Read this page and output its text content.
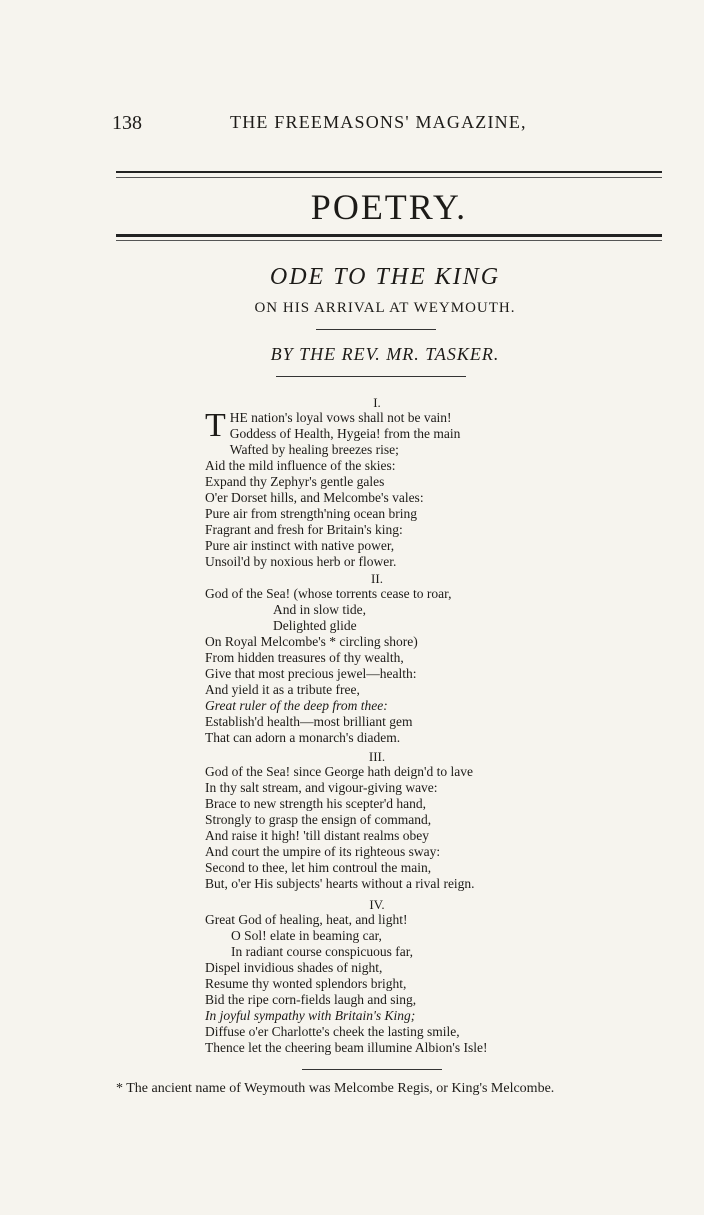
138	THE FREEMASONS' MAGAZINE,
POETRY.
ODE TO THE KING
ON HIS ARRIVAL AT WEYMOUTH.
BY THE REV. MR. TASKER.
I.
T HE nation's loyal vows shall not be vain!
Goddess of Health, Hygeia! from the main
Wafted by healing breezes rise;
Aid the mild influence of the skies:
Expand thy Zephyr's gentle gales
O'er Dorset hills, and Melcombe's vales:
Pure air from strength'ning ocean bring
Fragrant and fresh for Britain's king:
Pure air instinct with native power,
Unsoil'd by noxious herb or flower.
II.
God of the Sea! (whose torrents cease to roar,
And in slow tide,
Delighted glide
On Royal Melcombe's * circling shore)
From hidden treasures of thy wealth,
Give that most precious jewel—health:
And yield it as a tribute free,
Great ruler of the deep from thee:
Establish'd health—most brilliant gem
That can adorn a monarch's diadem.
III.
God of the Sea! since George hath deign'd to lave
In thy salt stream, and vigour-giving wave:
Brace to new strength his scepter'd hand,
Strongly to grasp the ensign of command,
And raise it high! 'till distant realms obey
And court the umpire of its righteous sway:
Second to thee, let him controul the main,
But, o'er His subjects' hearts without a rival reign.
IV.
Great God of healing, heat, and light!
O Sol! elate in beaming car,
In radiant course conspicuous far,
Dispel invidious shades of night,
Resume thy wonted splendors bright,
Bid the ripe corn-fields laugh and sing,
In joyful sympathy with Britain's King;
Diffuse o'er Charlotte's cheek the lasting smile,
Thence let the cheering beam illumine Albion's Isle!
* The ancient name of Weymouth was Melcombe Regis, or King's Melcombe.
